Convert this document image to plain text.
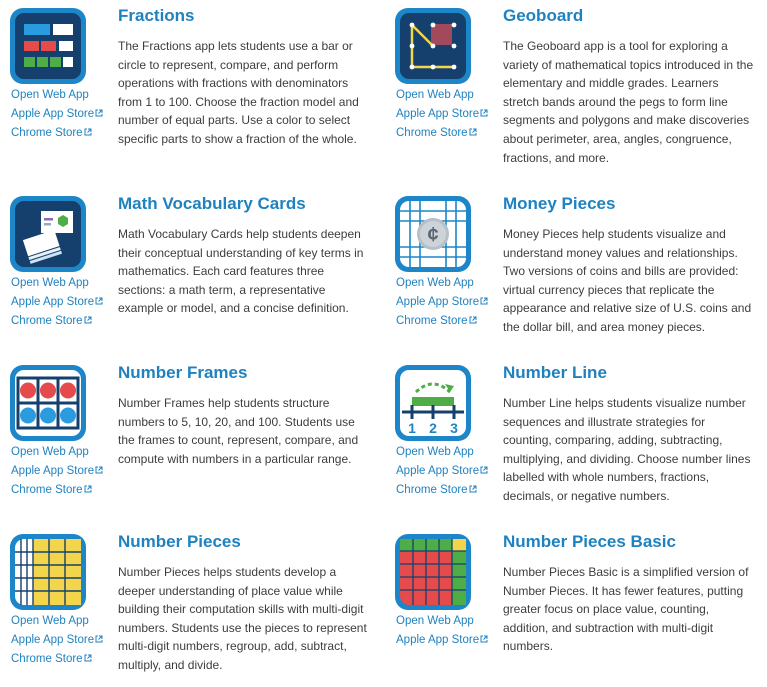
Open Web App
Apple App Store
Chrome Store
Fractions

The Fractions app lets students use a bar or circle to represent, compare, and perform operations with fractions with denominators from 1 to 100. Choose the fraction model and number of equal parts. Use a color to select specific parts to show a fraction of the whole.

Open Web App
Apple App Store
Chrome Store
Geoboard

The Geoboard app is a tool for exploring a variety of mathematical topics introduced in the elementary and middle grades. Learners stretch bands around the pegs to form line segments and polygons and make discoveries about perimeter, area, angles, congruence, fractions, and more.

Open Web App
Apple App Store
Chrome Store
Math Vocabulary Cards

Math Vocabulary Cards help students deepen their conceptual understanding of key terms in mathematics. Each card features three sections: a math term, a representative example or model, and a concise definition.

¢
Open Web App
Apple App Store
Chrome Store
Money Pieces

Money Pieces help students visualize and understand money values and relationships. Two versions of coins and bills are provided: virtual currency pieces that replicate the appearance and relative size of U.S. coins and the dollar bill, and area money pieces.

Open Web App
Apple App Store
Chrome Store
Number Frames

Number Frames help students structure numbers to 5, 10, 20, and 100. Students use the frames to count, represent, compare, and compute with numbers in a particular range.

1 2 3
Open Web App
Apple App Store
Chrome Store
Number Line

Number Line helps students visualize number sequences and illustrate strategies for counting, comparing, adding, subtracting, multiplying, and dividing. Choose number lines labelled with whole numbers, fractions, decimals, or negative numbers.

Open Web App
Apple App Store
Chrome Store
Number Pieces

Number Pieces helps students develop a deeper understanding of place value while building their computation skills with multi-digit numbers. Students use the pieces to represent multi-digit numbers, regroup, add, subtract, multiply, and divide.

Open Web App
Apple App Store
Number Pieces Basic

Number Pieces Basic is a simplified version of Number Pieces. It has fewer features, putting greater focus on place value, counting, addition, and subtraction with multi-digit numbers.
